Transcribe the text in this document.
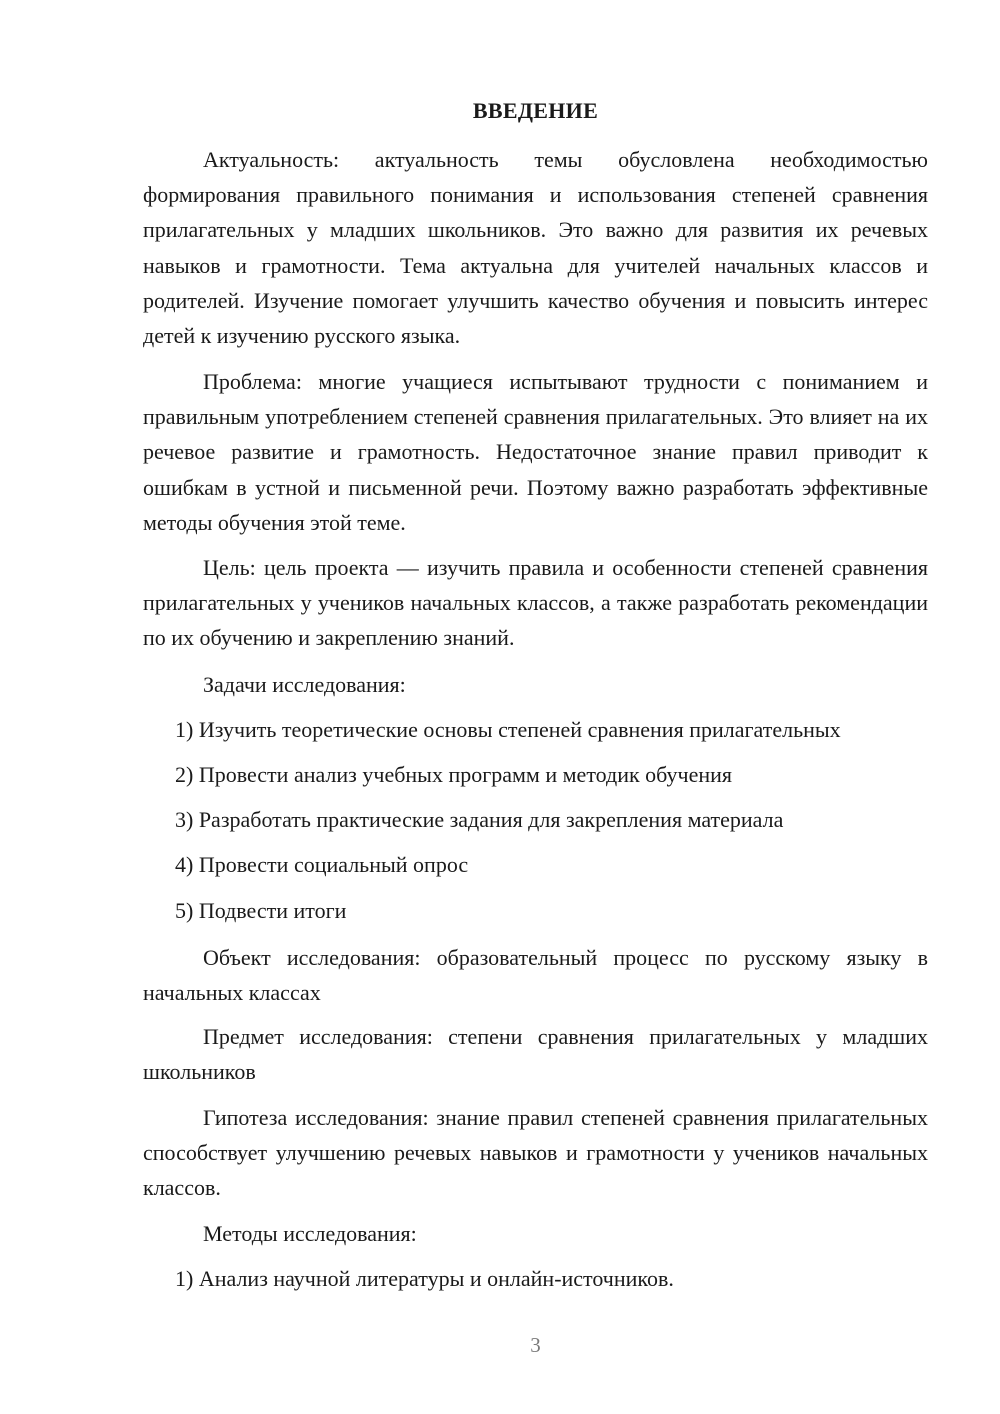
ВВЕДЕНИЕ

Актуальность: актуальность темы обусловлена необходимостью формирования правильного понимания и использования степеней сравнения прилагательных у младших школьников. Это важно для развития их речевых навыков и грамотности. Тема актуальна для учителей начальных классов и родителей. Изучение помогает улучшить качество обучения и повысить интерес детей к изучению русского языка.

Проблема: многие учащиеся испытывают трудности с пониманием и правильным употреблением степеней сравнения прилагательных. Это влияет на их речевое развитие и грамотность. Недостаточное знание правил приводит к ошибкам в устной и письменной речи. Поэтому важно разработать эффективные методы обучения этой теме.

Цель: цель проекта — изучить правила и особенности степеней сравнения прилагательных у учеников начальных классов, а также разработать рекомендации по их обучению и закреплению знаний.

Задачи исследования:

1) Изучить теоретические основы степеней сравнения прилагательных

2) Провести анализ учебных программ и методик обучения

3) Разработать практические задания для закрепления материала

4) Провести социальный опрос

5) Подвести итоги

Объект исследования: образовательный процесс по русскому языку в начальных классах

Предмет исследования: степени сравнения прилагательных у младших школьников

Гипотеза исследования: знание правил степеней сравнения прилагательных способствует улучшению речевых навыков и грамотности у учеников начальных классов.

Методы исследования:

1) Анализ научной литературы и онлайн-источников.

3
